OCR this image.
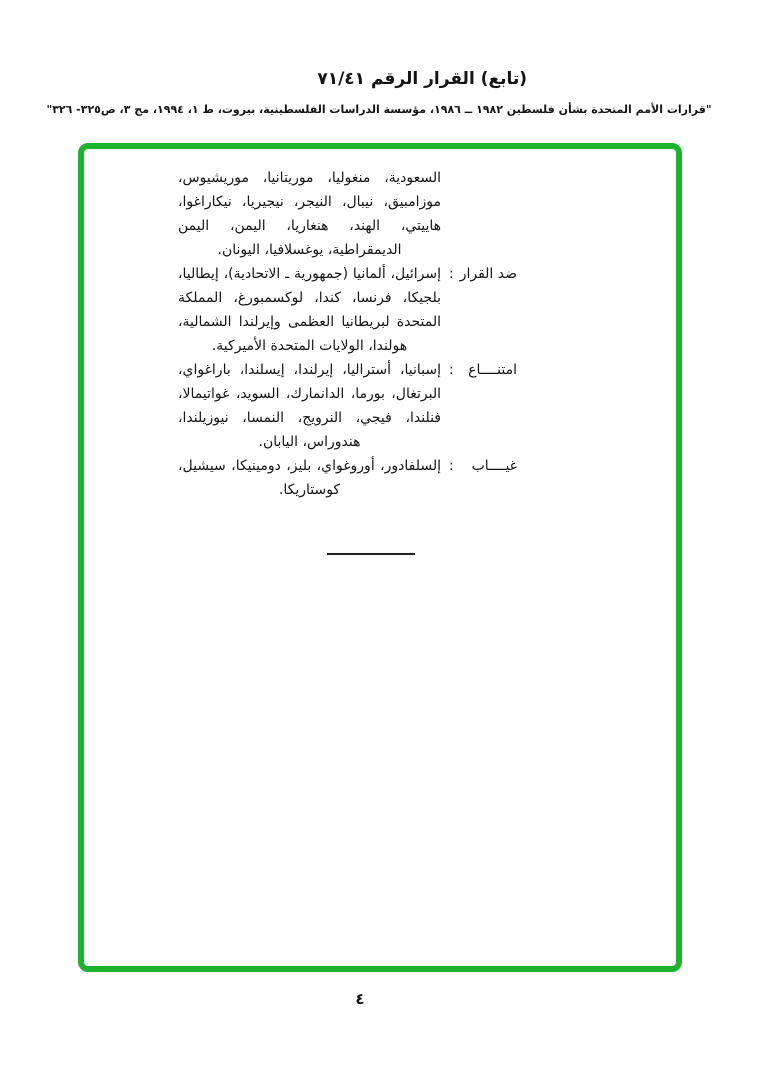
(تابع) القرار الرقم ٧١/٤١
"قرارات الأمم المتحدة بشأن فلسطين ١٩٨٢ ــ ١٩٨٦، مؤسسة الدراسات الفلسطينية، بيروت، ط ١، ١٩٩٤، مج ٣، ص٣٢٥- ٣٢٦"
السعودية، منغوليا، موريتانيا، موريشيوس، موزامبيق، نيبال، النيجر، نيجيريا، نيكاراغوا، هاييتي، الهند، هنغاريا، اليمن، اليمن الديمقراطية، يوغسلافيا، اليونان.
ضد القرار
:
إسرائيل، ألمانيا (جمهورية ـ الاتحادية)، إيطاليا، بلجيكا، فرنسا، كندا، لوكسمبورغ، المملكة المتحدة لبريطانيا العظمى وإيرلندا الشمالية، هولندا، الولايات المتحدة الأميركية.
امتنــــاع
:
إسبانيا، أستراليا، إيرلندا، إيسلندا، باراغواي، البرتغال، بورما، الدانمارك، السويد، غواتيمالا، فنلندا، فيجي، النرويج، النمسا، نيوزيلندا، هندوراس، اليابان.
غيــــاب
:
إلسلفادور، أوروغواي، بليز، دومينيكا، سيشيل، كوستاريكا.
٤
